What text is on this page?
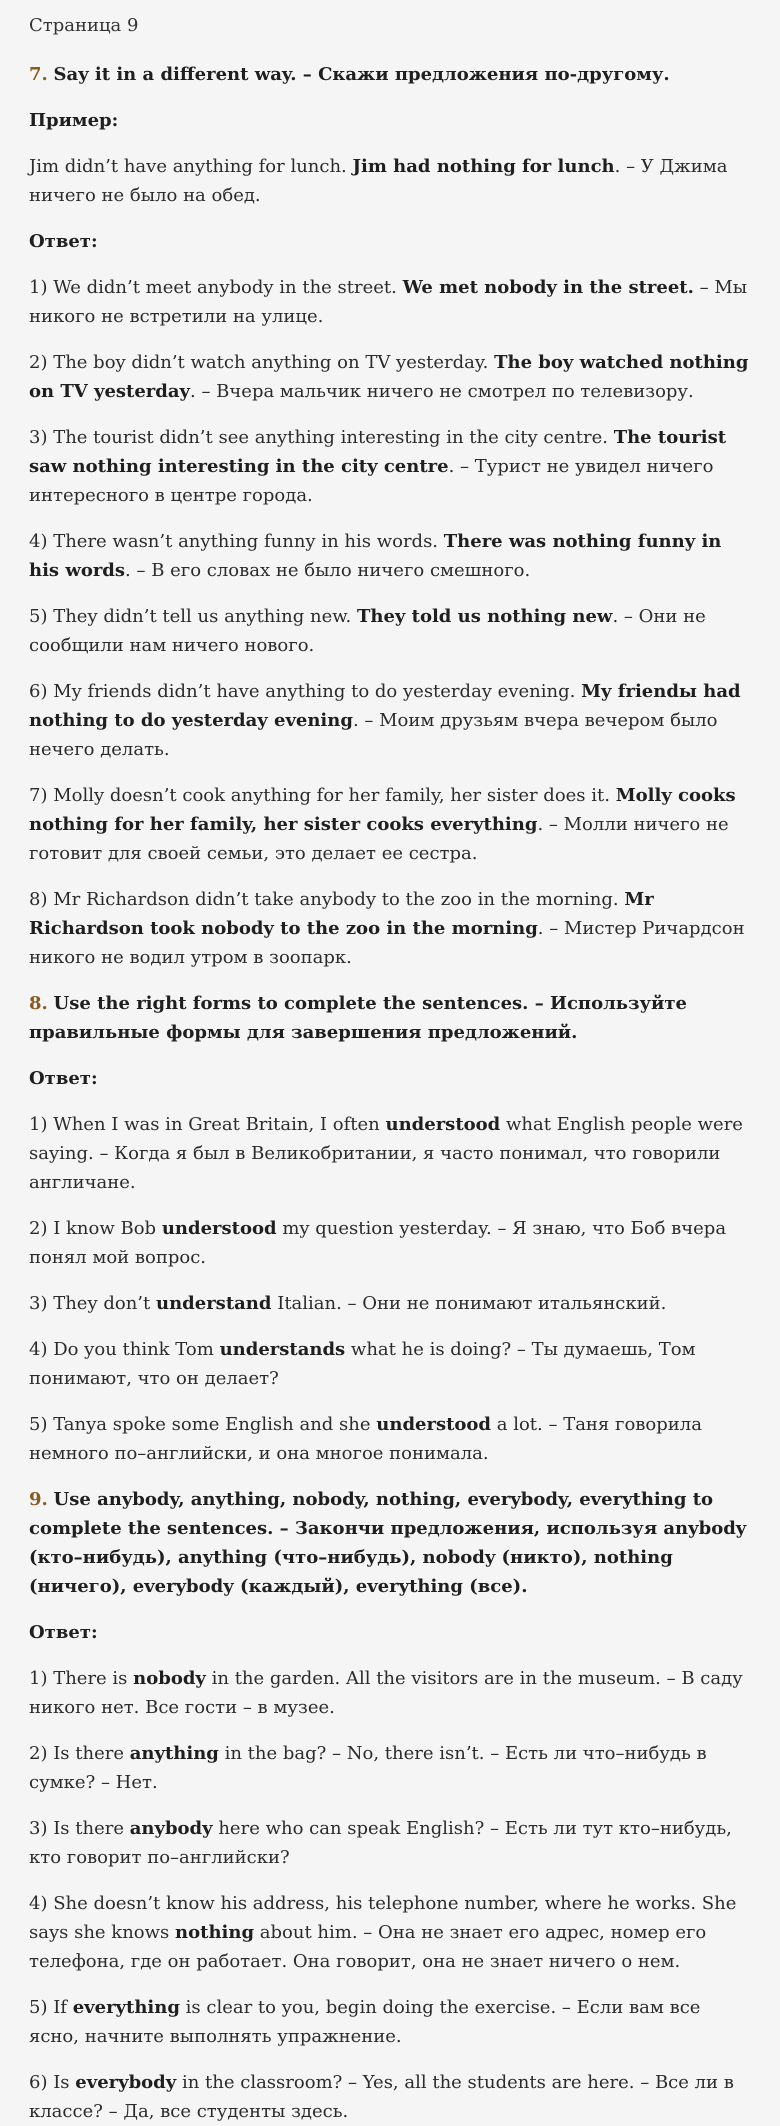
Страница 9

7. Say it in a different way. – Скажи предложения по-другому.

Пример:

Jim didn’t have anything for lunch. Jim had nothing for lunch. – У Джима ничего не было на обед.

Ответ:

1) We didn’t meet anybody in the street. We met nobody in the street. – Мы никого не встретили на улице.

2) The boy didn’t watch anything on TV yesterday. The boy watched nothing on TV yesterday. – Вчера мальчик ничего не смотрел по телевизору.

3) The tourist didn’t see anything interesting in the city centre. The tourist saw nothing interesting in the city centre. – Турист не увидел ничего интересного в центре города.

4) There wasn’t anything funny in his words. There was nothing funny in his words. – В его словах не было ничего смешного.

5) They didn’t tell us anything new. They told us nothing new. – Они не сообщили нам ничего нового.

6) My friends didn’t have anything to do yesterday evening. My friendы had nothing to do yesterday evening. – Моим друзьям вчера вечером было нечего делать.

7) Molly doesn’t cook anything for her family, her sister does it. Molly cooks nothing for her family, her sister cooks everything. – Молли ничего не готовит для своей семьи, это делает ее сестра.

8) Mr Richardson didn’t take anybody to the zoo in the morning. Mr Richardson took nobody to the zoo in the morning. – Мистер Ричардсон никого не водил утром в зоопарк.

8. Use the right forms to complete the sentences. – Используйте правильные формы для завершения предложений.

Ответ:

1) When I was in Great Britain, I often understood what English people were saying. – Когда я был в Великобритании, я часто понимал, что говорили англичане.

2) I know Bob understood my question yesterday. – Я знаю, что Боб вчера понял мой вопрос.

3) They don’t understand Italian. – Они не понимают итальянский.

4) Do you think Tom understands what he is doing? – Ты думаешь, Том понимают, что он делает?

5) Tanya spoke some English and she understood a lot. – Таня говорила немного по–английски, и она многое понимала.

9. Use anybody, anything, nobody, nothing, everybody, everything to complete the sentences. – Закончи предложения, используя anybody (кто–нибудь), anything (что–нибудь), nobody (никто), nothing (ничего), everybody (каждый), everything (все).

Ответ:

1) There is nobody in the garden. All the visitors are in the museum. – В саду никого нет. Все гости – в музее.

2) Is there anything in the bag? – No, there isn’t. – Есть ли что–нибудь в сумке? – Нет.

3) Is there anybody here who can speak English? – Есть ли тут кто–нибудь, кто говорит по–английски?

4) She doesn’t know his address, his telephone number, where he works. She says she knows nothing about him. – Она не знает его адрес, номер его телефона, где он работает. Она говорит, она не знает ничего о нем.

5) If everything is clear to you, begin doing the exercise. – Если вам все ясно, начните выполнять упражнение.

6) Is everybody in the classroom? – Yes, all the students are here. – Все ли в классе? – Да, все студенты здесь.
